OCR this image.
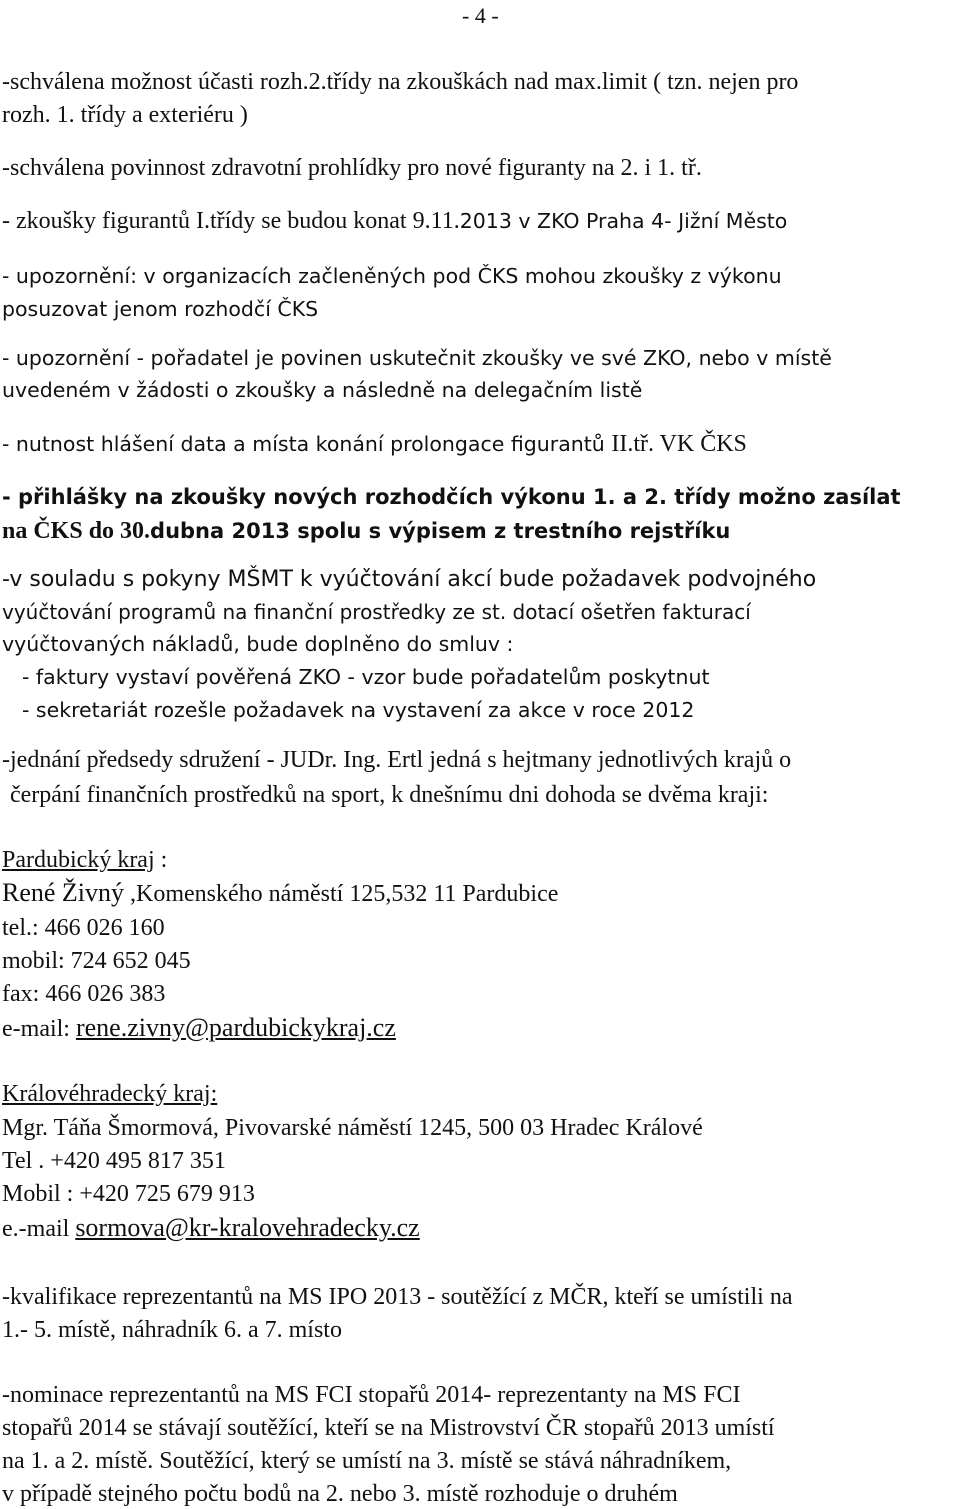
- 4 -
-schválena možnost účasti rozh.2.třídy na zkouškách nad max.limit ( tzn. nejen pro
rozh. 1. třídy a exteriéru )
-schválena povinnost zdravotní prohlídky pro nové figuranty na 2. i 1. tř.
- zkoušky figurantů I.třídy se budou konat 9.11.2013 v ZKO Praha 4- Jižní Město
- upozornění: v organizacích začleněných pod ČKS mohou zkoušky z výkonu
posuzovat jenom rozhodčí ČKS
- upozornění - pořadatel je povinen uskutečnit zkoušky ve své ZKO, nebo v místě
uvedeném v žádosti o zkoušky a následně na delegačním listě
- nutnost hlášení data a místa konání prolongace figurantů II.tř. VK ČKS
- přihlášky na zkoušky nových rozhodčích výkonu 1. a 2. třídy možno zasílat
na ČKS do 30.dubna 2013 spolu s výpisem z trestního rejstříku
-v souladu s pokyny MŠMT k vyúčtování akcí bude požadavek podvojného
vyúčtování programů na finanční prostředky ze st. dotací ošetřen fakturací
vyúčtovaných nákladů, bude doplněno do smluv :
- faktury vystaví pověřená ZKO - vzor bude pořadatelům poskytnut
- sekretariát rozešle požadavek na vystavení za akce v roce 2012
-jednání předsedy sdružení - JUDr. Ing. Ertl jedná s hejtmany jednotlivých krajů o
čerpání finančních prostředků na sport, k dnešnímu dni dohoda se dvěma kraji:
Pardubický kraj :
René Živný ,Komenského náměstí 125,532 11 Pardubice
tel.: 466 026 160
mobil: 724 652 045
fax: 466 026 383
e-mail: rene.zivny@pardubickykraj.cz
Královéhradecký kraj:
Mgr. Táňa Šmormová, Pivovarské náměstí 1245, 500 03 Hradec Králové
Tel . +420 495 817 351
Mobil : +420 725 679 913
e.-mail sormova@kr-kralovehradecky.cz
-kvalifikace reprezentantů na MS IPO 2013 - soutěžící z MČR, kteří se umístili na
1.- 5. místě, náhradník 6. a 7. místo
-nominace reprezentantů na MS FCI stopařů 2014- reprezentanty na MS FCI
stopařů 2014 se stávají soutěžící, kteří se na Mistrovství ČR stopařů 2013 umístí
na 1. a 2. místě. Soutěžící, který se umístí na 3. místě se stává náhradníkem,
v případě stejného počtu bodů na 2. nebo 3. místě rozhoduje o druhém
